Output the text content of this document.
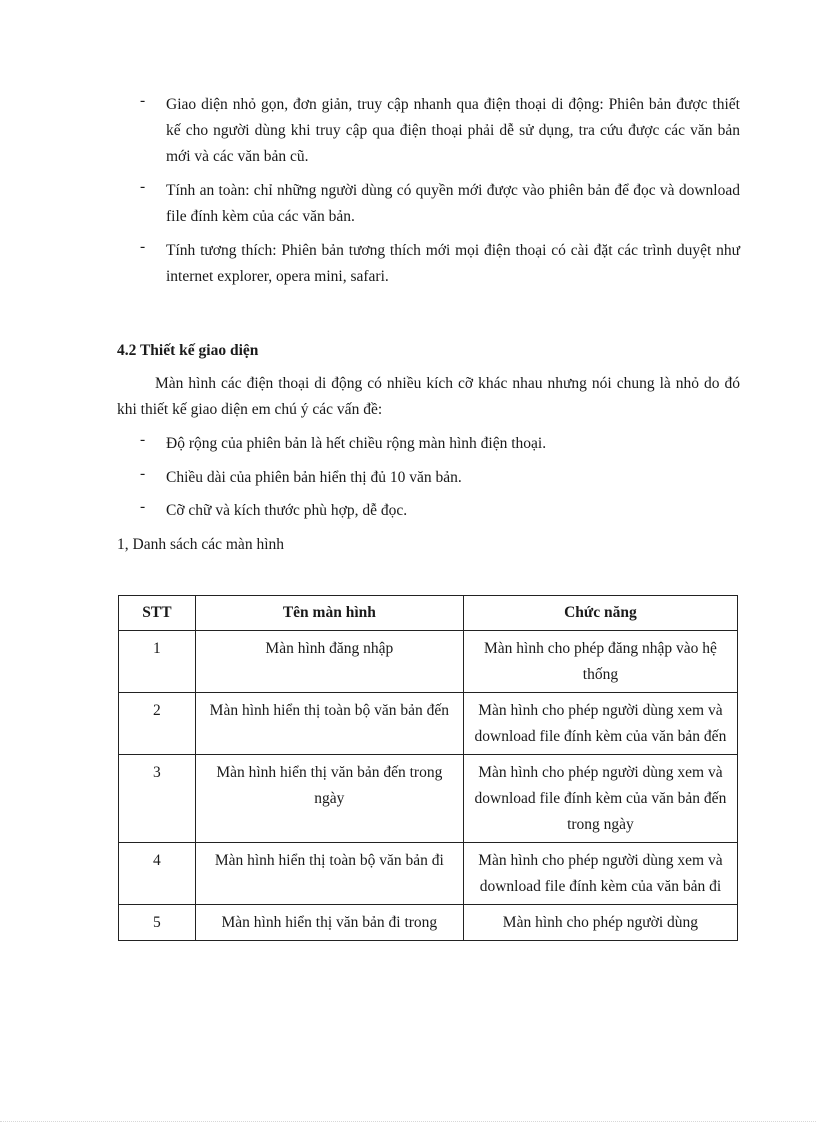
-	Giao diện nhỏ gọn, đơn giản, truy cập nhanh qua điện thoại di động: Phiên bản được thiết kế cho người dùng khi truy cập qua điện thoại phải dễ sử dụng, tra cứu được các văn bản mới và các văn bản cũ.
-	Tính an toàn: chỉ những người dùng có quyền mới được vào phiên bản để đọc và download file đính kèm của các văn bản.
-	Tính tương thích: Phiên bản tương thích mới mọi điện thoại có cài đặt các trình duyệt như internet explorer, opera mini, safari.
4.2 Thiết kế giao diện
Màn hình các điện thoại di động có nhiều kích cỡ khác nhau nhưng nói chung là nhỏ do đó khi thiết kế giao diện em chú ý các vấn đề:
-	Độ rộng của phiên bản là hết chiều rộng màn hình điện thoại.
-	Chiều dài của phiên bản hiển thị đủ 10 văn bản.
-	Cỡ chữ và kích thước phù hợp, dễ đọc.
1, Danh sách các màn hình
STT	Tên màn hình	Chức năng
1	Màn hình đăng nhập	Màn hình cho phép đăng nhập vào hệ thống
2	Màn hình hiển thị toàn bộ văn bản đến	Màn hình cho phép người dùng xem và download file đính kèm của văn bản đến
3	Màn hình hiển thị văn bản đến trong ngày	Màn hình cho phép người dùng xem và download file đính kèm của văn bản đến trong ngày
4	Màn hình hiển thị toàn bộ văn bản đi	Màn hình cho phép người dùng xem và download file đính kèm của văn bản đi
5	Màn hình hiển thị văn bản đi trong	Màn hình cho phép người dùng
